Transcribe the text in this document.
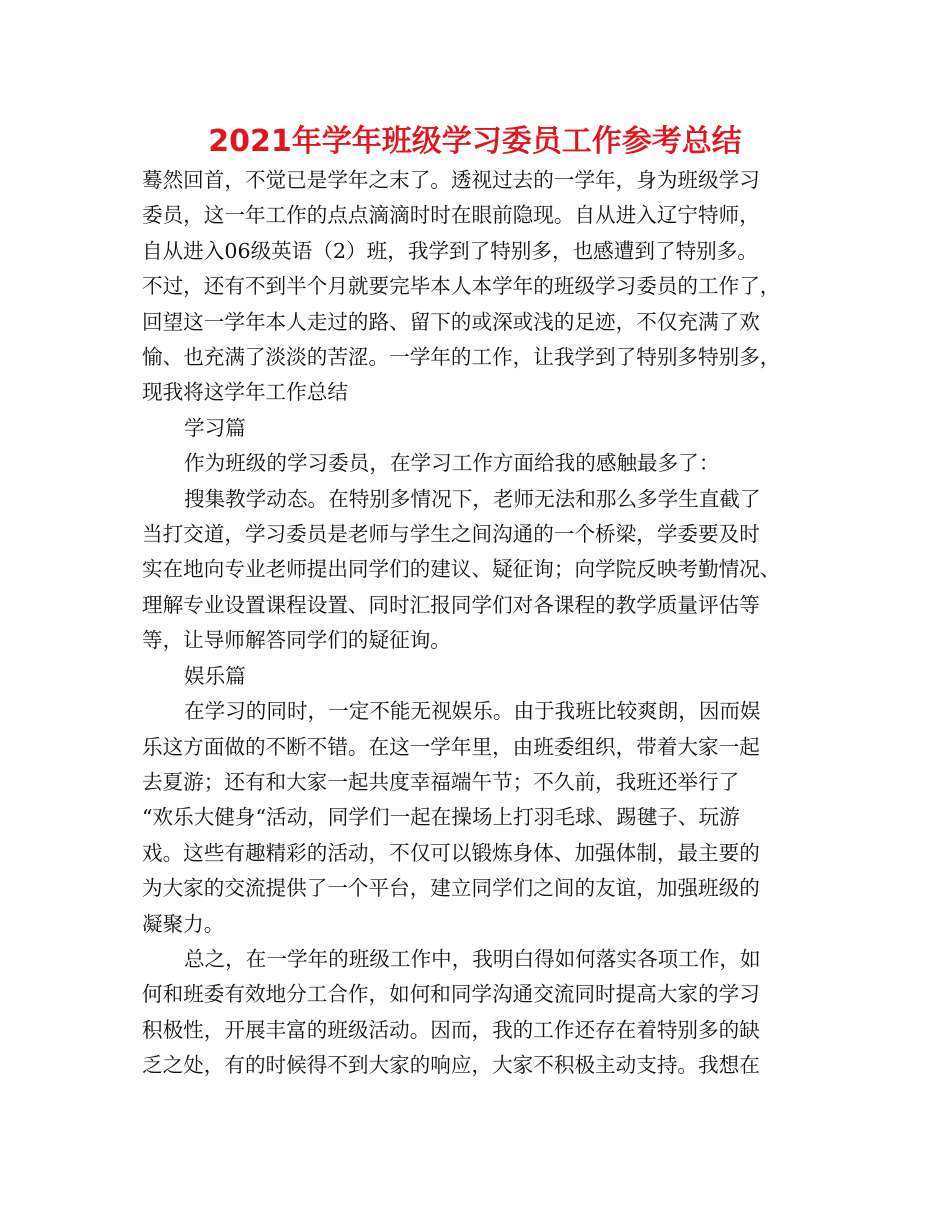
2021年学年班级学习委员工作参考总结

蓦然回首，不觉已是学年之末了。透视过去的一学年，身为班级学习
委员，这一年工作的点点滴滴时时在眼前隐现。自从进入辽宁特师，
自从进入06级英语（2）班，我学到了特别多，也感遭到了特别多。
不过，还有不到半个月就要完毕本人本学年的班级学习委员的工作了，
回望这一学年本人走过的路、留下的或深或浅的足迹，不仅充满了欢
愉、也充满了淡淡的苦涩。一学年的工作，让我学到了特别多特别多，
现我将这学年工作总结

学习篇

作为班级的学习委员，在学习工作方面给我的感触最多了：

搜集教学动态。在特别多情况下，老师无法和那么多学生直截了
当打交道，学习委员是老师与学生之间沟通的一个桥梁，学委要及时
实在地向专业老师提出同学们的建议、疑征询；向学院反映考勤情况、
理解专业设置课程设置、同时汇报同学们对各课程的教学质量评估等
等，让导师解答同学们的疑征询。

娱乐篇

在学习的同时，一定不能无视娱乐。由于我班比较爽朗，因而娱
乐这方面做的不断不错。在这一学年里，由班委组织，带着大家一起
去夏游；还有和大家一起共度幸福端午节；不久前，我班还举行了
“欢乐大健身“活动，同学们一起在操场上打羽毛球、踢毽子、玩游
戏。这些有趣精彩的活动，不仅可以锻炼身体、加强体制，最主要的
为大家的交流提供了一个平台，建立同学们之间的友谊，加强班级的
凝聚力。

总之，在一学年的班级工作中，我明白得如何落实各项工作，如
何和班委有效地分工合作，如何和同学沟通交流同时提高大家的学习
积极性，开展丰富的班级活动。因而，我的工作还存在着特别多的缺
乏之处，有的时候得不到大家的响应，大家不积极主动支持。我想在
